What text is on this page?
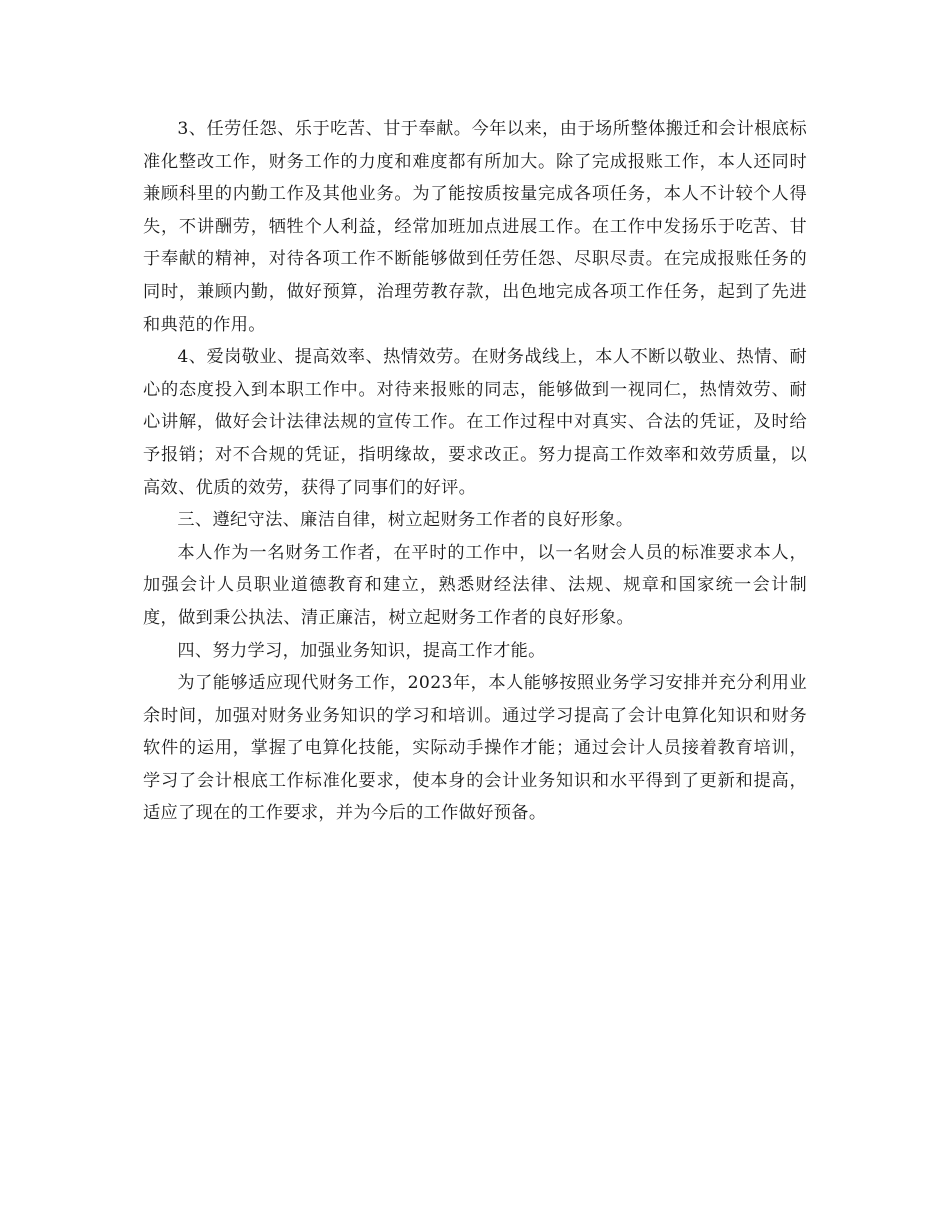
3、任劳任怨、乐于吃苦、甘于奉献。今年以来，由于场所整体搬迁和会计根底标准化整改工作，财务工作的力度和难度都有所加大。除了完成报账工作，本人还同时兼顾科里的内勤工作及其他业务。为了能按质按量完成各项任务，本人不计较个人得失，不讲酬劳，牺牲个人利益，经常加班加点进展工作。在工作中发扬乐于吃苦、甘于奉献的精神，对待各项工作不断能够做到任劳任怨、尽职尽责。在完成报账任务的同时，兼顾内勤，做好预算，治理劳教存款，出色地完成各项工作任务，起到了先进和典范的作用。

4、爱岗敬业、提高效率、热情效劳。在财务战线上，本人不断以敬业、热情、耐心的态度投入到本职工作中。对待来报账的同志，能够做到一视同仁，热情效劳、耐心讲解，做好会计法律法规的宣传工作。在工作过程中对真实、合法的凭证，及时给予报销；对不合规的凭证，指明缘故，要求改正。努力提高工作效率和效劳质量，以高效、优质的效劳，获得了同事们的好评。

三、遵纪守法、廉洁自律，树立起财务工作者的良好形象。

本人作为一名财务工作者，在平时的工作中，以一名财会人员的标准要求本人，加强会计人员职业道德教育和建立，熟悉财经法律、法规、规章和国家统一会计制度，做到秉公执法、清正廉洁，树立起财务工作者的良好形象。

四、努力学习，加强业务知识，提高工作才能。

为了能够适应现代财务工作，2023年，本人能够按照业务学习安排并充分利用业余时间，加强对财务业务知识的学习和培训。通过学习提高了会计电算化知识和财务软件的运用，掌握了电算化技能，实际动手操作才能；通过会计人员接着教育培训，学习了会计根底工作标准化要求，使本身的会计业务知识和水平得到了更新和提高，适应了现在的工作要求，并为今后的工作做好预备。
